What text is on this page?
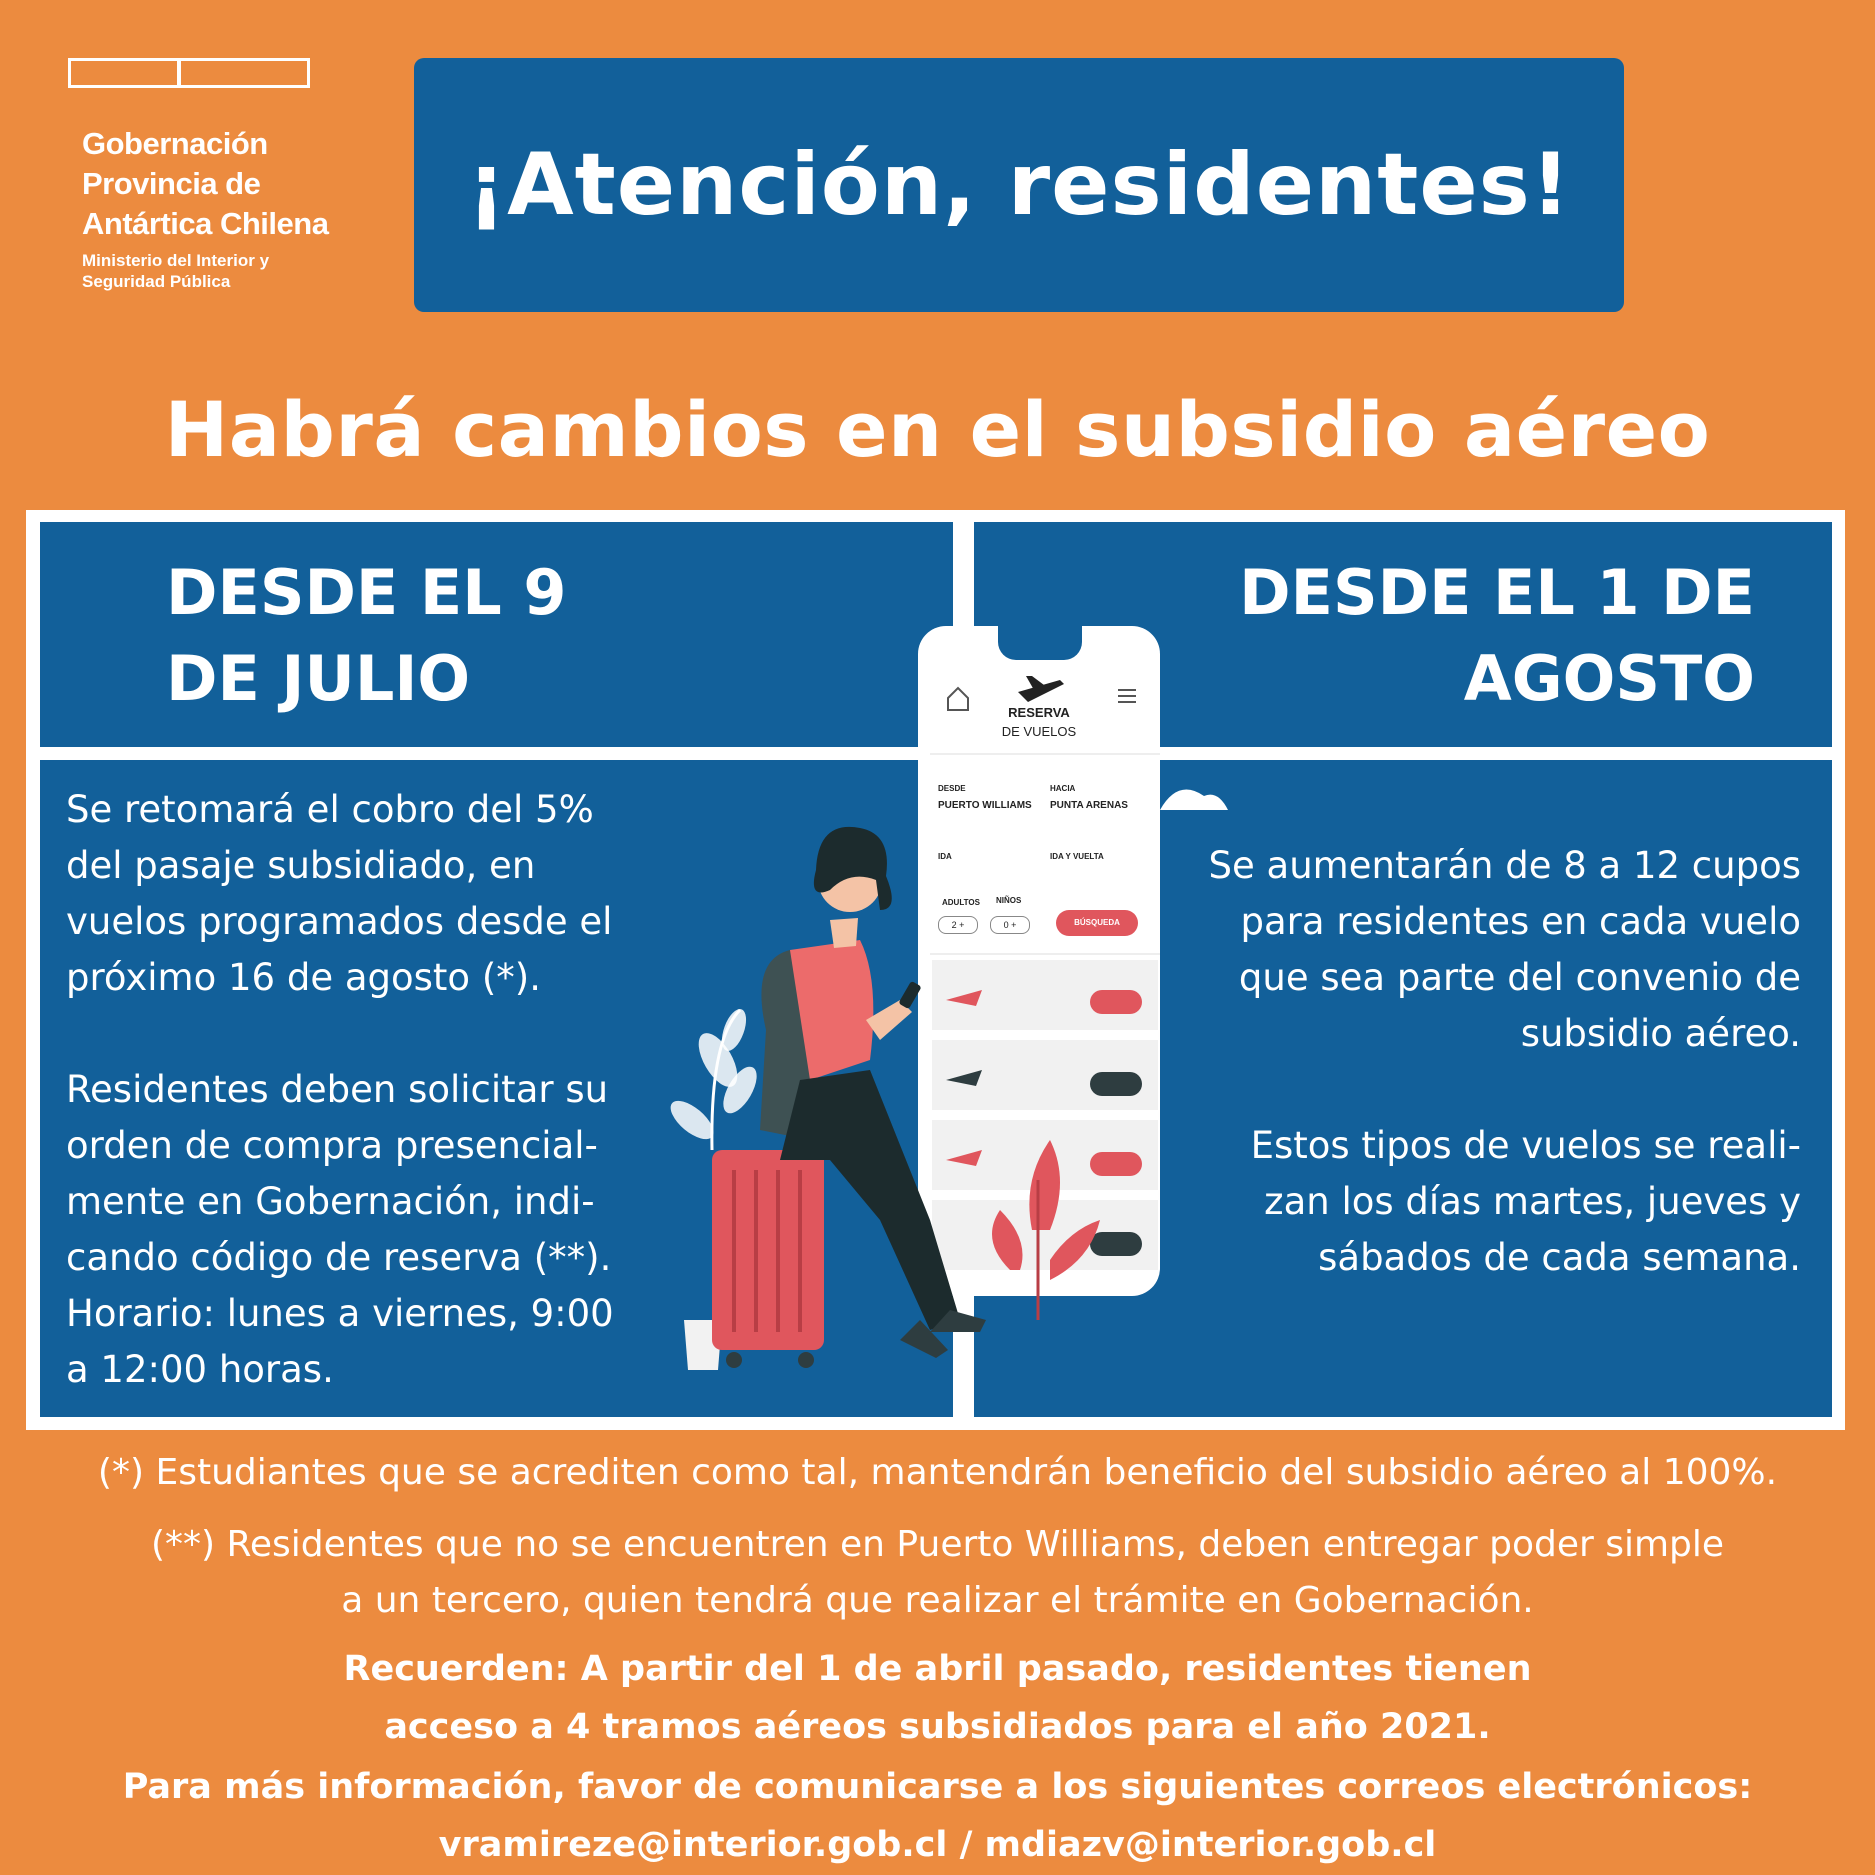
Gobernación
Provincia de
Antártica Chilena
Ministerio del Interior y
Seguridad Pública
¡Atención, residentes!
Habrá cambios en el subsidio aéreo
DESDE EL 9
DE JULIO
DESDE EL 1 DE
AGOSTO

Se retomará el cobro del 5%

del pasaje subsidiado, en

vuelos programados desde el

próximo 16 de agosto (*).

Residentes deben solicitar su

orden de compra presencial-

mente en Gobernación, indi-

cando código de reserva (**).

Horario: lunes a viernes, 9:00

a 12:00 horas.

Se aumentarán de 8 a 12 cupos

para residentes en cada vuelo

que sea parte del convenio de

subsidio aéreo.

Estos tipos de vuelos se reali-

zan los días martes, jueves y

sábados de cada semana.

RESERVA
DE VUELOS
DESDE
PUERTO WILLIAMS
HACIA
PUNTA ARENAS
IDA	IDA Y VUELTA
ADULTOS
2 +
NIÑOS
0 +	BÚSQUEDA
(*) Estudiantes que se acrediten como tal, mantendrán beneficio del subsidio aéreo al 100%.
(**) Residentes que no se encuentren en Puerto Williams, deben entregar poder simple
a un tercero, quien tendrá que realizar el trámite en Gobernación.
Recuerden: A partir del 1 de abril pasado, residentes tienen
acceso a 4 tramos aéreos subsidiados para el año 2021.
Para más información, favor de comunicarse a los siguientes correos electrónicos:
vramireze@interior.gob.cl / mdiazv@interior.gob.cl
